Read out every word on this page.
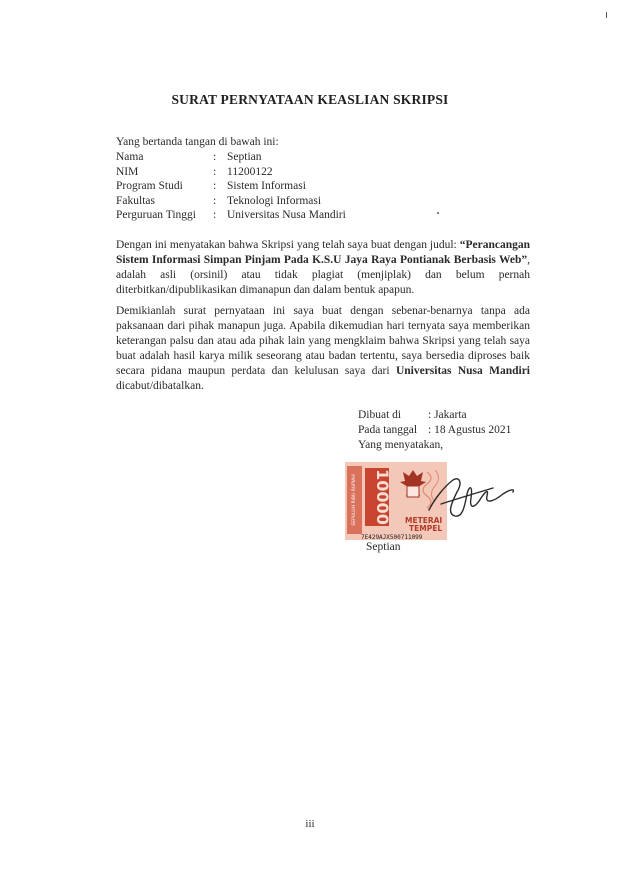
SURAT PERNYATAAN KEASLIAN SKRIPSI
Yang bertanda tangan di bawah ini:
Nama	: Septian
NIM	: 11200122
Program Studi	: Sistem Informasi
Fakultas	: Teknologi Informasi
Perguruan Tinggi	: Universitas Nusa Mandiri
Dengan ini menyatakan bahwa Skripsi yang telah saya buat dengan judul: “Perancangan Sistem Informasi Simpan Pinjam Pada K.S.U Jaya Raya Pontianak Berbasis Web”, adalah asli (orsinil) atau tidak plagiat (menjiplak) dan belum pernah diterbitkan/dipublikasikan dimanapun dan dalam bentuk apapun.
Demikianlah surat pernyataan ini saya buat dengan sebenar-benarnya tanpa ada paksanaan dari pihak manapun juga. Apabila dikemudian hari ternyata saya memberikan keterangan palsu dan atau ada pihak lain yang mengklaim bahwa Skripsi yang telah saya buat adalah hasil karya milik seseorang atau badan tertentu, saya bersedia diproses baik secara pidana maupun perdata dan kelulusan saya dari Universitas Nusa Mandiri dicabut/dibatalkan.
Dibuat di	: Jakarta
Pada tanggal : 18 Agustus 2021
Yang menyatakan,
SEPULUH RIBU RUPIAH 10000 METERAI
TEMPEL
7E429AJX500711099
Septian
iii
